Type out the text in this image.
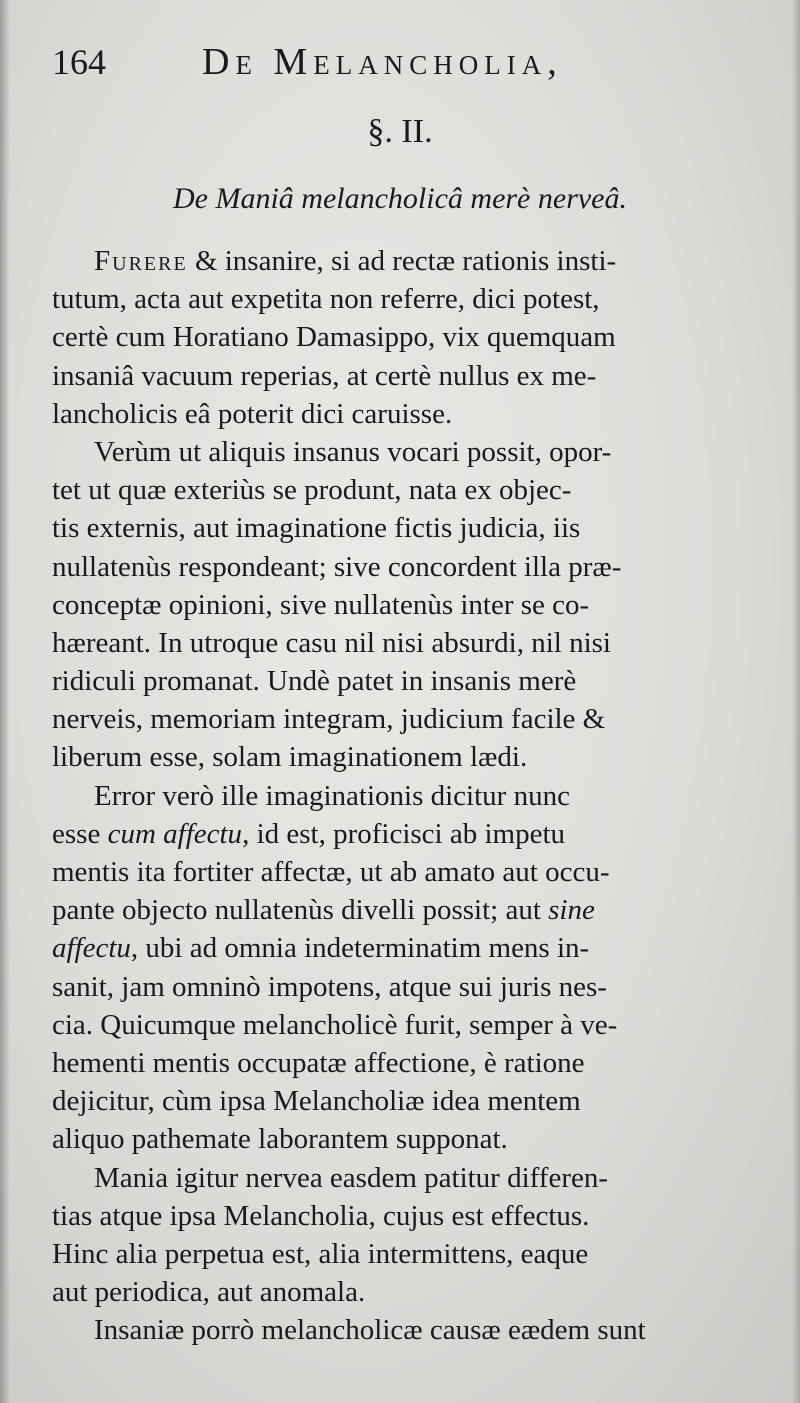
164	De Melancholia,
§. II.
De Maniâ melancholicâ merè nerveâ.
Furere & insanire, si ad rectæ rationis insti-
tutum, acta aut expetita non referre, dici potest,
certè cum Horatiano Damasippo, vix quemquam
insaniâ vacuum reperias, at certè nullus ex me-
lancholicis eâ poterit dici caruisse.
Verùm ut aliquis insanus vocari possit, opor-
tet ut quæ exteriùs se produnt, nata ex objec-
tis externis, aut imaginatione fictis judicia, iis
nullatenùs respondeant; sive concordent illa præ-
conceptæ opinioni, sive nullatenùs inter se co-
hæreant. In utroque casu nil nisi absurdi, nil nisi
ridiculi promanat. Undè patet in insanis merè
nerveis, memoriam integram, judicium facile &
liberum esse, solam imaginationem lædi.
Error verò ille imaginationis dicitur nunc
esse cum affectu, id est, proficisci ab impetu
mentis ita fortiter affectæ, ut ab amato aut occu-
pante objecto nullatenùs divelli possit; aut sine
affectu, ubi ad omnia indeterminatim mens in-
sanit, jam omninò impotens, atque sui juris nes-
cia. Quicumque melancholicè furit, semper à ve-
hementi mentis occupatæ affectione, è ratione
dejicitur, cùm ipsa Melancholiæ idea mentem
aliquo pathemate laborantem supponat.
Mania igitur nervea easdem patitur differen-
tias atque ipsa Melancholia, cujus est effectus.
Hinc alia perpetua est, alia intermittens, eaque
aut periodica, aut anomala.
Insaniæ porrò melancholicæ causæ eædem sunt
